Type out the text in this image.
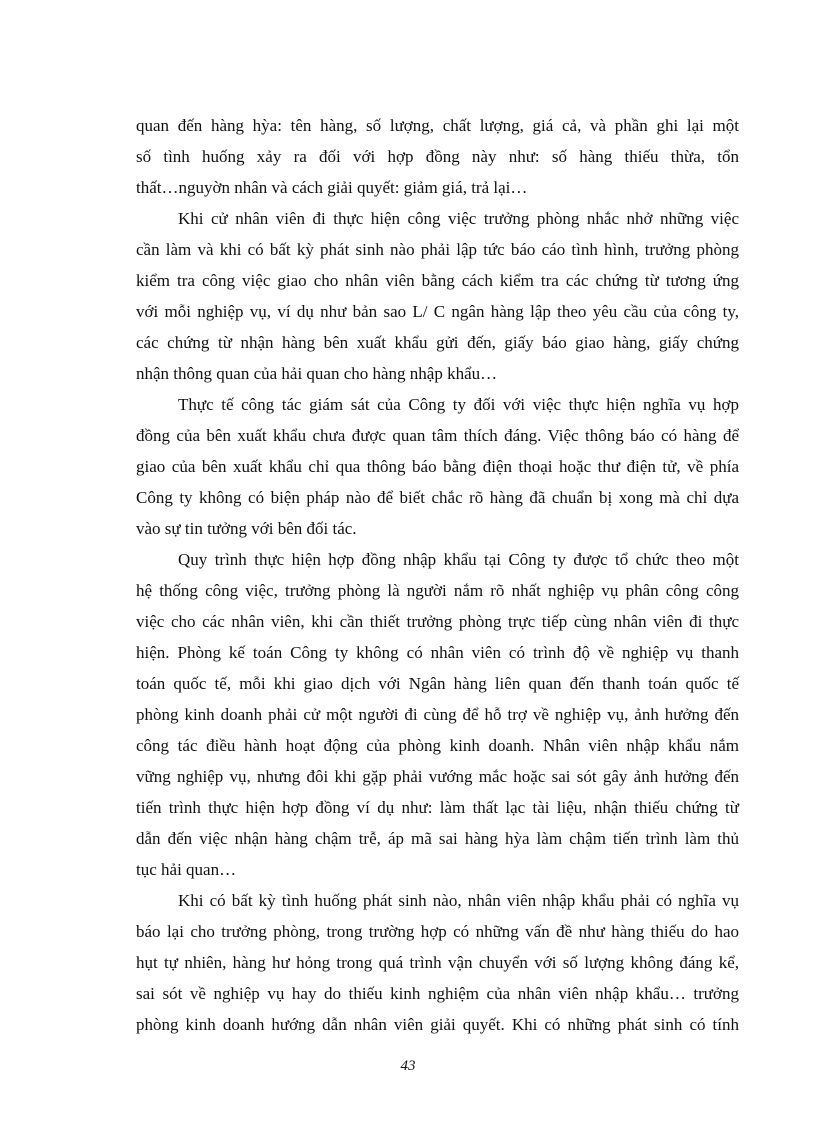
quan đến hàng hỳa: tên hàng, số lượng, chất lượng, giá cả, và phần ghi lại một
số tình huống xảy ra đối với hợp đồng này như: số hàng thiếu thừa, tổn
thất…nguyờn nhân và cách giải quyết: giảm giá, trả lại…
Khi cử nhân viên đi thực hiện công việc trưởng phòng nhắc nhở những việc
cần làm và khi có bất kỳ phát sinh nào phải lập tức báo cáo tình hình, trưởng phòng
kiểm tra công việc giao cho nhân viên bằng cách kiểm tra các chứng từ tương ứng
với mỗi nghiệp vụ, ví dụ như bản sao L/ C ngân hàng lập theo yêu cầu của công ty,
các chứng từ nhận hàng bên xuất khẩu gửi đến, giấy báo giao hàng, giấy chứng
nhận thông quan của hải quan cho hàng nhập khẩu…
Thực tế công tác giám sát của Công ty đối với việc thực hiện nghĩa vụ hợp
đồng của bên xuất khẩu chưa được quan tâm thích đáng. Việc thông báo có hàng để
giao của bên xuất khẩu chỉ qua thông báo bằng điện thoại hoặc thư điện tử, về phía
Công ty không có biện pháp nào để biết chắc rõ hàng đã chuẩn bị xong mà chỉ dựa
vào sự tin tưởng với bên đối tác.
Quy trình thực hiện hợp đồng nhập khẩu tại Công ty được tổ chức theo một
hệ thống công việc, trưởng phòng là người nắm rõ nhất nghiệp vụ phân công công
việc cho các nhân viên, khi cần thiết trưởng phòng trực tiếp cùng nhân viên đi thực
hiện. Phòng kế toán Công ty không có nhân viên có trình độ về nghiệp vụ thanh
toán quốc tế, mỗi khi giao dịch với Ngân hàng liên quan đến thanh toán quốc tế
phòng kinh doanh phải cử một người đi cùng để hỗ trợ về nghiệp vụ, ảnh hưởng đến
công tác điều hành hoạt động của phòng kinh doanh. Nhân viên nhập khẩu nắm
vững nghiệp vụ, nhưng đôi khi gặp phải vướng mắc hoặc sai sót gây ảnh hưởng đến
tiến trình thực hiện hợp đồng ví dụ như: làm thất lạc tài liệu, nhận thiếu chứng từ
dẫn đến việc nhận hàng chậm trễ, áp mã sai hàng hỳa làm chậm tiến trình làm thủ
tục hải quan…
Khi có bất kỳ tình huống phát sinh nào, nhân viên nhập khẩu phải có nghĩa vụ
báo lại cho trưởng phòng, trong trường hợp có những vấn đề như hàng thiếu do hao
hụt tự nhiên, hàng hư hỏng trong quá trình vận chuyển với số lượng không đáng kể,
sai sót về nghiệp vụ hay do thiếu kinh nghiệm của nhân viên nhập khẩu… trưởng
phòng kinh doanh hướng dẫn nhân viên giải quyết. Khi có những phát sinh có tính
43
